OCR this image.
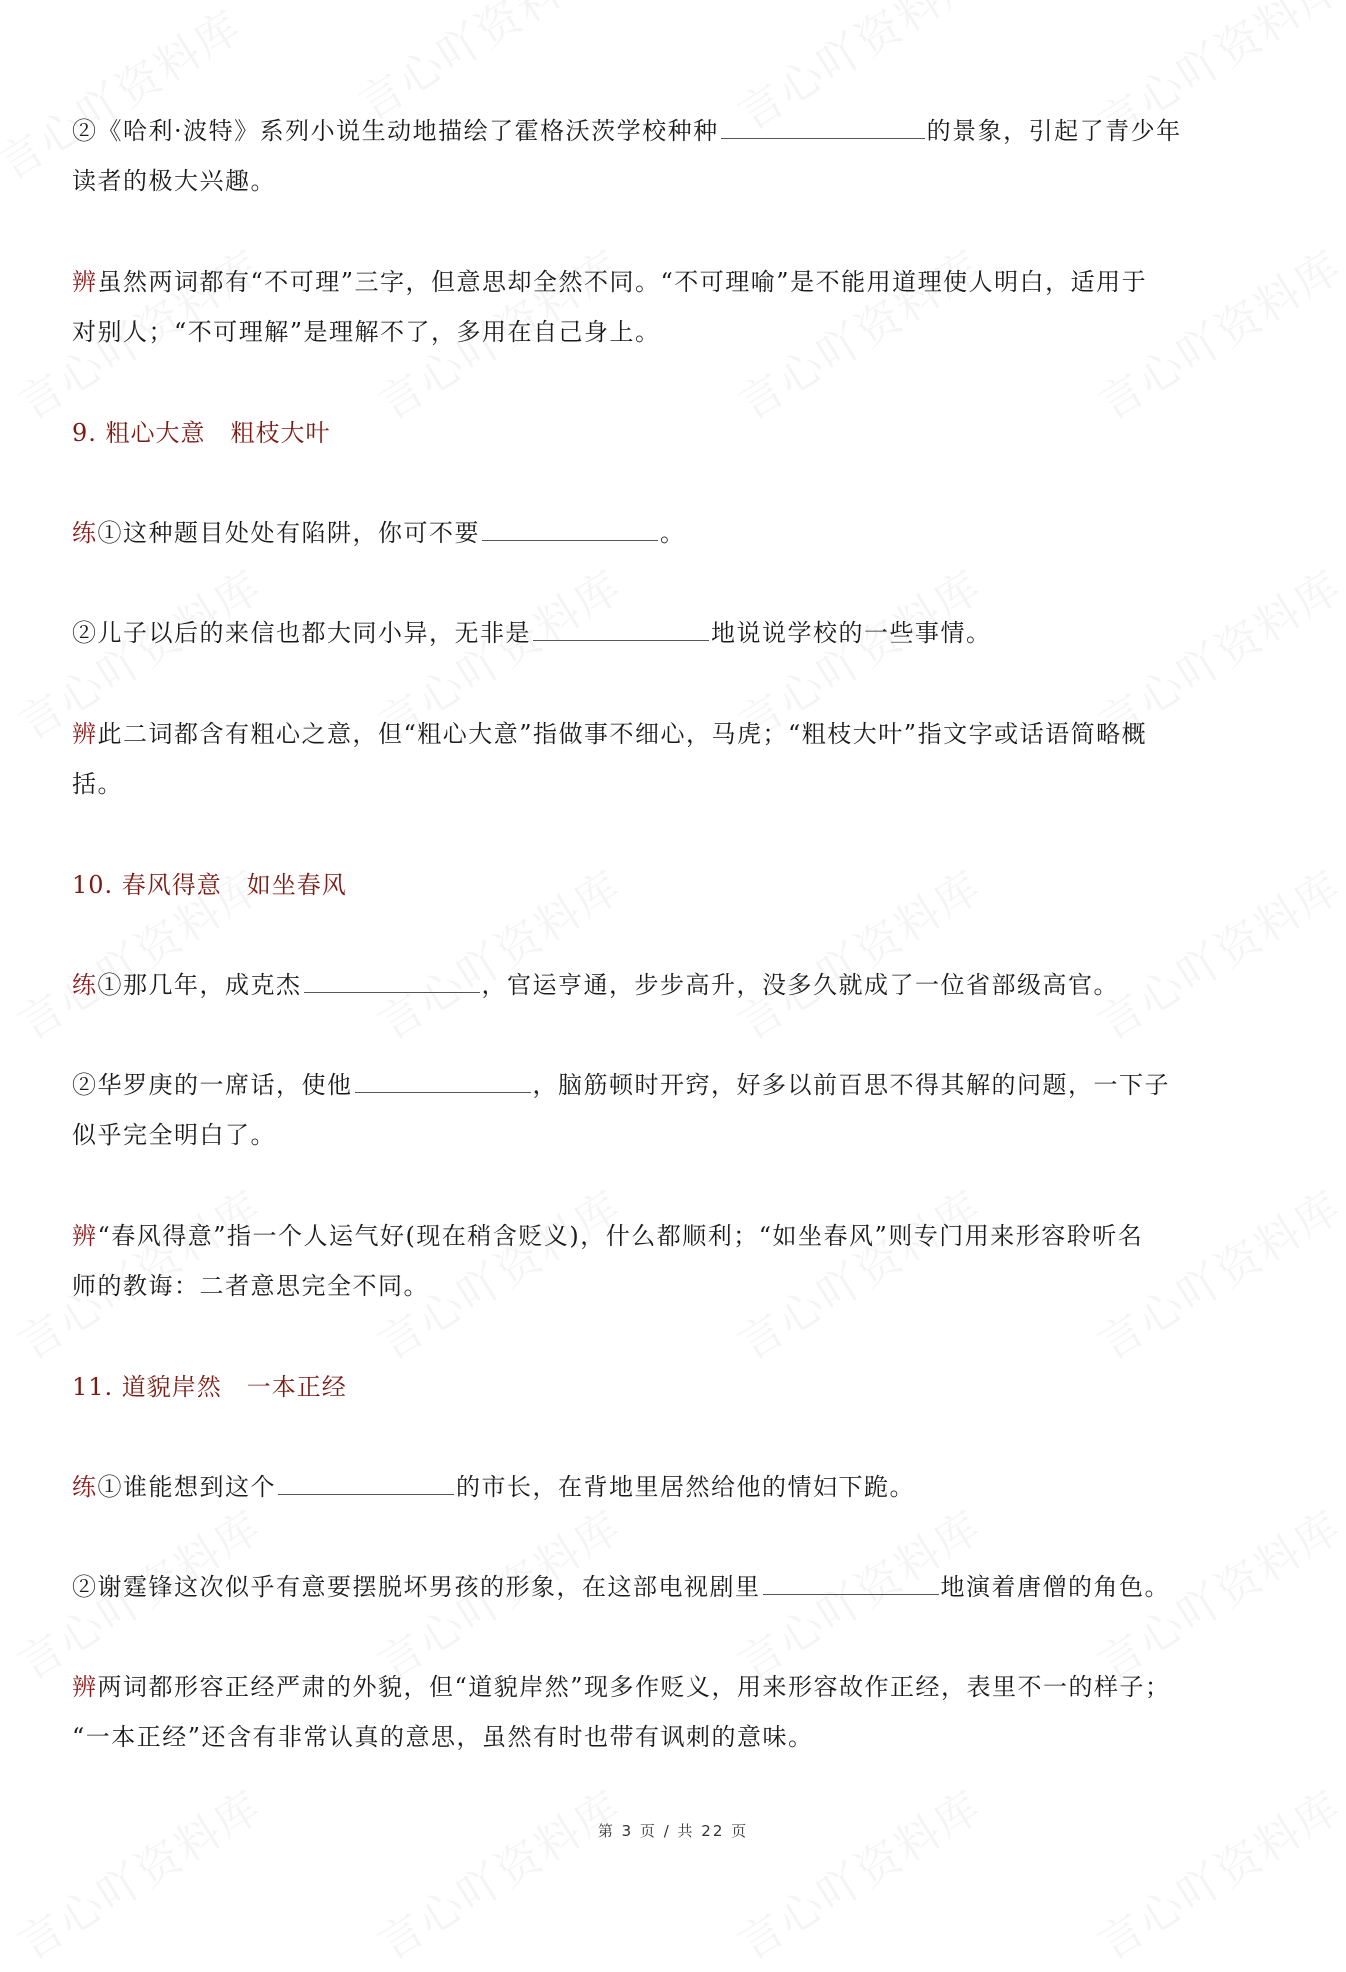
②《哈利·波特》系列小说生动地描绘了霍格沃茨学校种种	的景象，引起了青少年
读者的极大兴趣。
辨虽然两词都有“不可理”三字，但意思却全然不同。“不可理喻”是不能用道理使人明白，适用于
对别人；“不可理解”是理解不了，多用在自己身上。
9. 粗心大意　粗枝大叶
练①这种题目处处有陷阱，你可不要	。
②儿子以后的来信也都大同小异，无非是	地说说学校的一些事情。
辨此二词都含有粗心之意，但“粗心大意”指做事不细心，马虎；“粗枝大叶”指文字或话语简略概
括。
10. 春风得意　如坐春风
练①那几年，成克杰	，官运亨通，步步高升，没多久就成了一位省部级高官。
②华罗庚的一席话，使他	，脑筋顿时开窍，好多以前百思不得其解的问题，一下子
似乎完全明白了。
辨“春风得意”指一个人运气好(现在稍含贬义)，什么都顺利；“如坐春风”则专门用来形容聆听名
师的教诲：二者意思完全不同。
11. 道貌岸然　一本正经
练①谁能想到这个	的市长，在背地里居然给他的情妇下跪。
②谢霆锋这次似乎有意要摆脱坏男孩的形象，在这部电视剧里	地演着唐僧的角色。
辨两词都形容正经严肃的外貌，但“道貌岸然”现多作贬义，用来形容故作正经，表里不一的样子；
“一本正经”还含有非常认真的意思，虽然有时也带有讽刺的意味。
第 3 页 / 共 22 页
